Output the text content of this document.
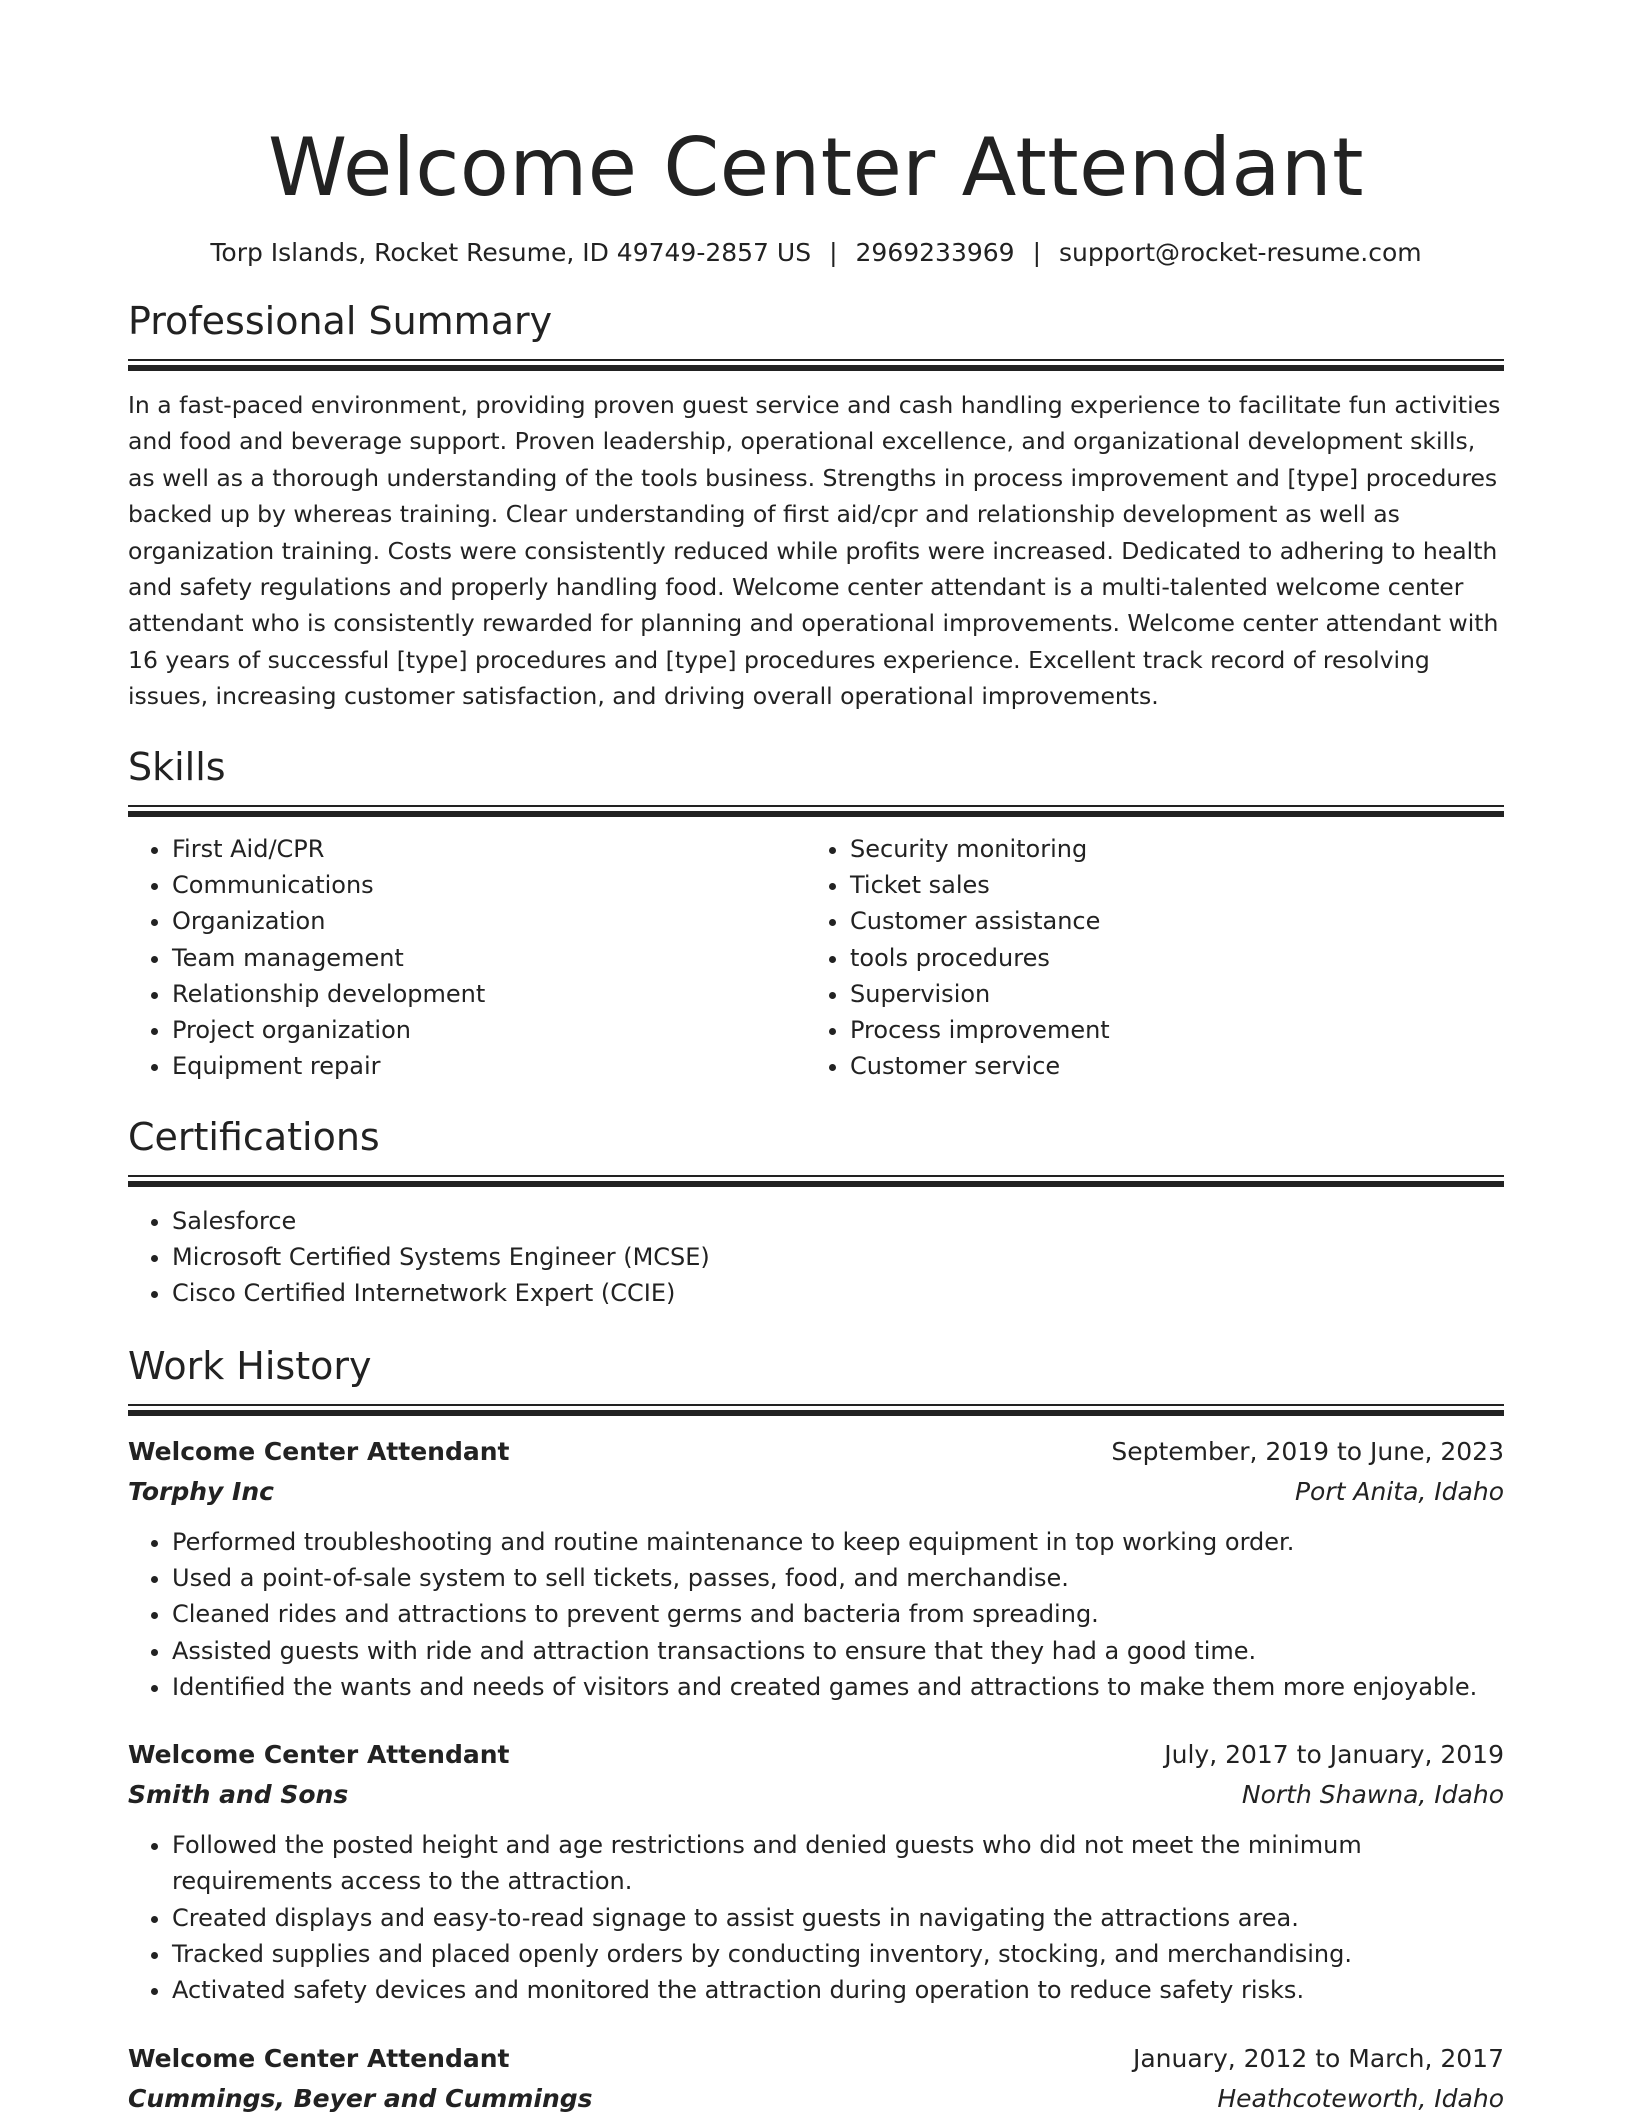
Welcome Center Attendant
Torp Islands, Rocket Resume, ID 49749-2857 US | 2969233969 | support@rocket-resume.com
Professional Summary
In a fast-paced environment, providing proven guest service and cash handling experience to facilitate fun activities and food and beverage support. Proven leadership, operational excellence, and organizational development skills, as well as a thorough understanding of the tools business. Strengths in process improvement and [type] procedures backed up by whereas training. Clear understanding of first aid/cpr and relationship development as well as organization training. Costs were consistently reduced while profits were increased. Dedicated to adhering to health and safety regulations and properly handling food. Welcome center attendant is a multi-talented welcome center attendant who is consistently rewarded for planning and operational improvements. Welcome center attendant with 16 years of successful [type] procedures and [type] procedures experience. Excellent track record of resolving issues, increasing customer satisfaction, and driving overall operational improvements.
Skills
• First Aid/CPR
• Communications
• Organization
• Team management
• Relationship development
• Project organization
• Equipment repair
• Security monitoring
• Ticket sales
• Customer assistance
• tools procedures
• Supervision
• Process improvement
• Customer service
Certifications
• Salesforce
• Microsoft Certified Systems Engineer (MCSE)
• Cisco Certified Internetwork Expert (CCIE)
Work History
Welcome Center Attendant	September, 2019 to June, 2023
Torphy Inc	Port Anita, Idaho
• Performed troubleshooting and routine maintenance to keep equipment in top working order.
• Used a point-of-sale system to sell tickets, passes, food, and merchandise.
• Cleaned rides and attractions to prevent germs and bacteria from spreading.
• Assisted guests with ride and attraction transactions to ensure that they had a good time.
• Identified the wants and needs of visitors and created games and attractions to make them more enjoyable.
Welcome Center Attendant	July, 2017 to January, 2019
Smith and Sons	North Shawna, Idaho
• Followed the posted height and age restrictions and denied guests who did not meet the minimum requirements access to the attraction.
• Created displays and easy-to-read signage to assist guests in navigating the attractions area.
• Tracked supplies and placed openly orders by conducting inventory, stocking, and merchandising.
• Activated safety devices and monitored the attraction during operation to reduce safety risks.
Welcome Center Attendant	January, 2012 to March, 2017
Cummings, Beyer and Cummings	Heathcoteworth, Idaho
